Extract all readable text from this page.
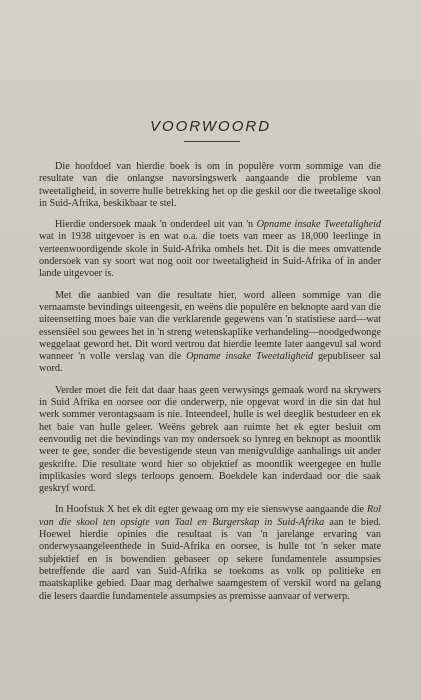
VOORWOORD

Die hoofdoel van hierdie boek is om in populêre vorm sommige van die resultate van die onlangse navorsingswerk aangaande die probleme van tweetaligheid, in soverre hulle betrekking het op die geskil oor die tweetalige skool in Suid-Afrika, beskikbaar te stel.

Hierdie ondersoek maak 'n onderdeel uit van 'n Opname insake Tweetaligheid wat in 1938 uitgevoer is en wat o.a. die toets van meer as 18,000 leerlinge in verteenwoordigende skole in Suid-Afrika omhels het. Dit is die mees omvattende ondersoek van sy soort wat nog ooit oor tweetaligheid in Suid-Afrika of in ander lande uitgevoer is.

Met die aanbied van die resultate hier, word alleen sommige van die vernaamste bevindings uiteengesit, en weëns die populêre en beknopte aard van die uiteensetting moes baie van die verklarende gegewens van 'n statistiese aard—wat essensiëel sou gewees het in 'n streng wetenskaplike verhandeling—noodgedwonge weggelaat geword het. Dit word vertrou dat hierdie leemte later aangevul sal word wanneer 'n volle verslag van die Opname insake Tweetaligheid gepubliseer sal word.

Verder moet die feit dat daar haas geen verwysings gemaak word na skrywers in Suid Afrika en oorsee oor die onderwerp, nie opgevat word in die sin dat hul werk sommer verontagsaam is nie. Inteendeel, hulle is wel deeglik bestudeer en ek het baie van hulle geleer. Weëns gebrek aan ruimte het ek egter besluit om eenvoudig net die bevindings van my ondersoek so lynreg en beknopt as moontlik weer te gee, sonder die bevestigende steun van menigvuldige aanhalings uit ander geskrifte. Die resultate word hier so objektief as moontlik weergegee en hulle implikasies word slegs terloops genoem. Boekdele kan inderdaad oor die saak geskryf word.

In Hoofstuk X het ek dit egter gewaag om my eie sienswyse aangaande die Rol van die skool ten opsigte van Taal en Burgerskap in Suid-Afrika aan te bied. Hoewel hierdie opinies die resultaat is van 'n jarelange ervaring van onderwysaangeleenthede in Suid-Afrika en oorsee, is hulle tot 'n seker mate subjektief en is bowendien gebaseer op sekere fundamentele assumpsies betreffende die aard van Suid-Afrika se toekoms as volk op politieke en maatskaplike gebied. Daar mag derhalwe saamgestem of verskil word na gelang die lesers daardie fundamentele assumpsies as premisse aanvaar of verwerp.
